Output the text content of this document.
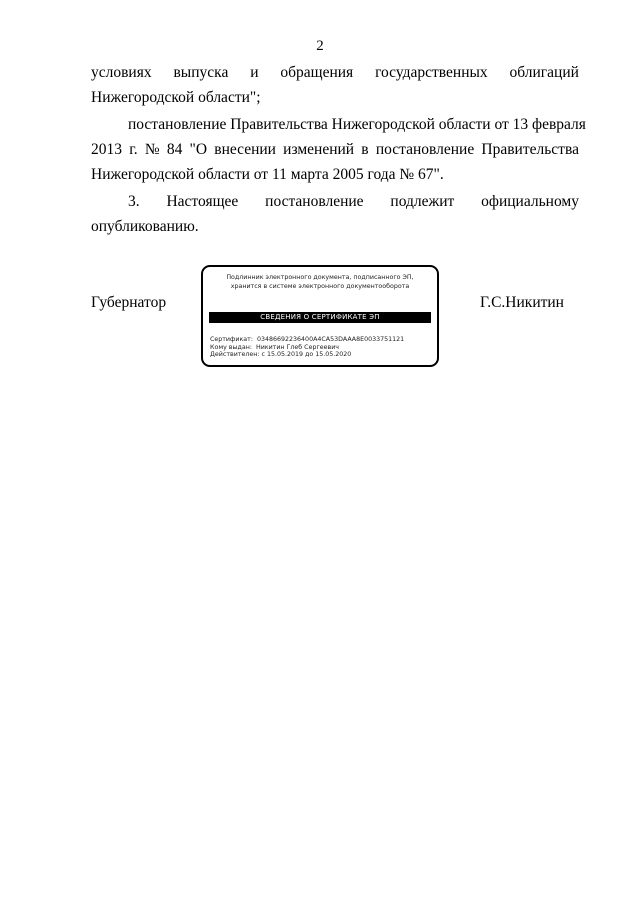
2
условиях выпуска и обращения государственных облигаций
Нижегородской области";
постановление Правительства Нижегородской области от 13 февраля
2013 г. № 84 "О внесении изменений в постановление Правительства
Нижегородской области от 11 марта 2005 года № 67".
3. Настоящее постановление подлежит официальному
опубликованию.
Губернатор
Подлинник электронного документа, подписанного ЭП,
хранится в системе электронного документооборота
СВЕДЕНИЯ О СЕРТИФИКАТЕ ЭП
Сертификат: 03486692236400A4CA53DAAA8E0033751121
Кому выдан: Никитин Глеб Сергеевич
Действителен: с 15.05.2019 до 15.05.2020
Г.С.Никитин
